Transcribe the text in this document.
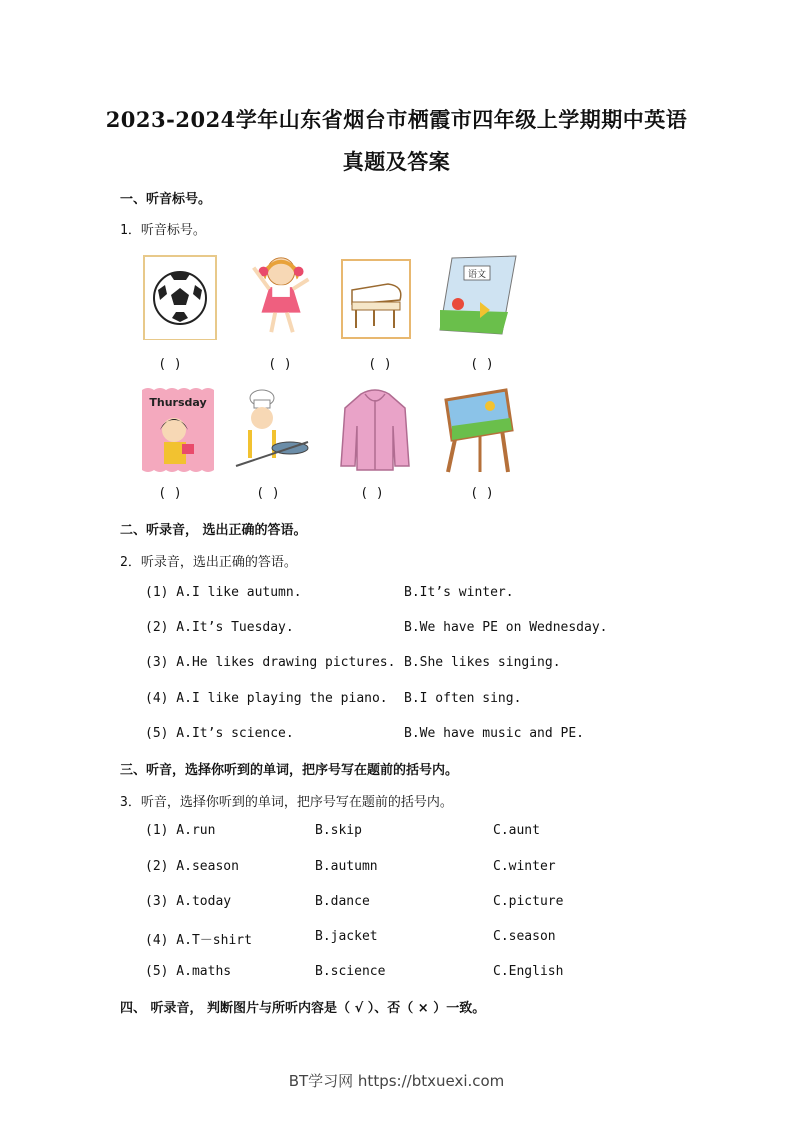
2023-2024学年山东省烟台市栖霞市四年级上学期期中英语
真题及答案
一、听音标号。
1．听音标号。
语文
( )	( )	( )	( )
Thursday
( )	( )	( )	( )
二、听录音， 选出正确的答语。
2．听录音，选出正确的答语。
(1) A.I like autumn.	B.It’s winter.
(2) A.It’s Tuesday.	B.We have PE on Wednesday.
(3) A.He likes drawing pictures. B.She likes singing.
(4) A.I like playing the piano. B.I often sing.
(5) A.It’s science.	B.We have music and PE.
三、听音，选择你听到的单词，把序号写在题前的括号内。
3．听音，选择你听到的单词，把序号写在题前的括号内。
(1) A.run	B.skip	C.aunt
(2) A.season	B.autumn	C.winter
(3) A.today	B.dance	C.picture
(4) A.T－shirt	B.jacket	C.season
(5) A.maths	B.science	C.English
四、 听录音， 判断图片与所听内容是（ √ ）、否（ × ）一致。
BT学习网 https://btxuexi.com
